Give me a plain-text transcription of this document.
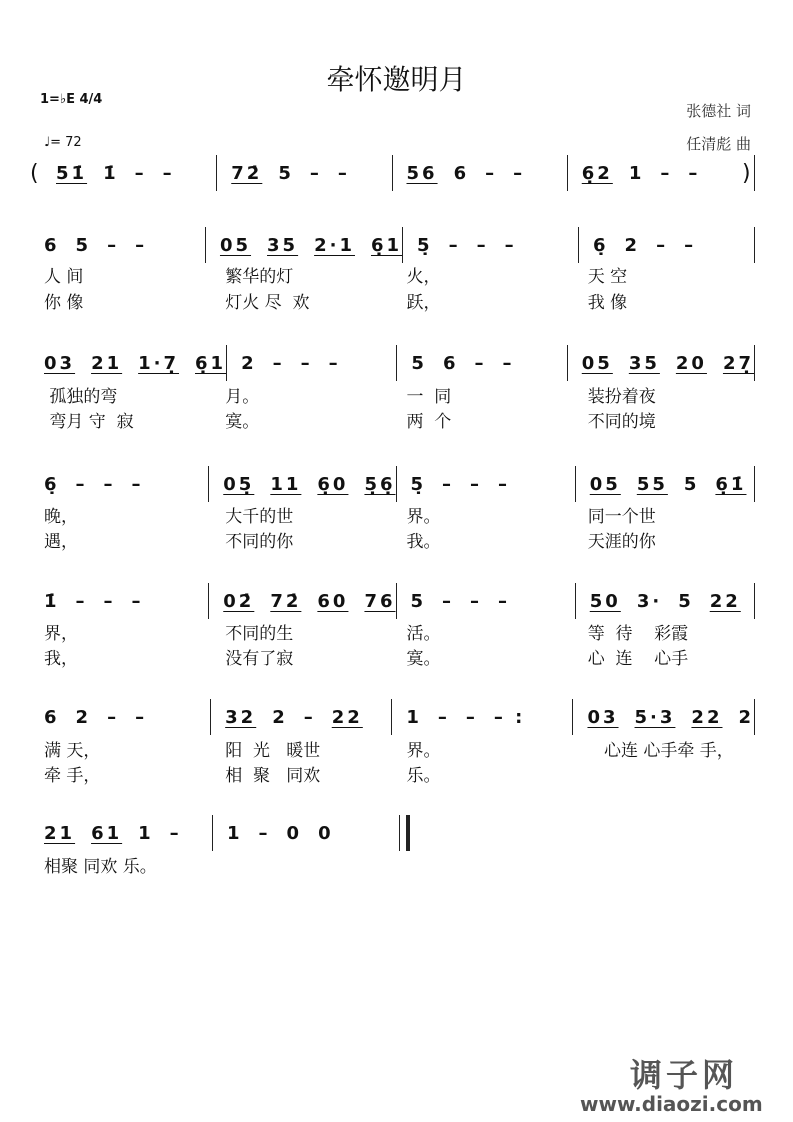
牵怀邀明月
1=♭E 4/4
♩= 72
张德社 词
任清彪 曲
( 51̇ 1̇ – –	72̇ 5 – –	56 6 – –	6̣2 1 – – )
6 5 – –	05 35 2·1 6̣1 5̣ – – –	6̣ 2 – –
人 间	繁华的灯	火，	天 空
你 像	灯火 尽  欢	跃，	我 像
03 21 1·7̣ 6̣1 2 – – –	5 6 – –	05 35 20 27̣
孤独的弯	月。	一  同	装扮着夜
弯月 守  寂	寞。	两  个	不同的境
6̣ – – –	05̣ 11 6̣0 5̣6̣ 5̣ – – –	05 55 5 6̣1̇
晚，	大千的世	界。	同一个世
遇，	不同的你	我。	天涯的你
1̇ – – –	02̇ 72̇ 60 76 5 – – –	50 3· 5 22
界，	不同的生	活。	等  待    彩霞
我，	没有了寂	寞。	心  连    心手
6 2 – –	32 2 – 22 1 – – – :	03 5·3 22 2
满 天，	阳  光   暖世	界。	心连 心手牵 手，
牵 手，	相  聚   同欢	乐。
21 61 1 –	1 – 0 0
相聚 同欢 乐。
调子网
www.diaozi.com
